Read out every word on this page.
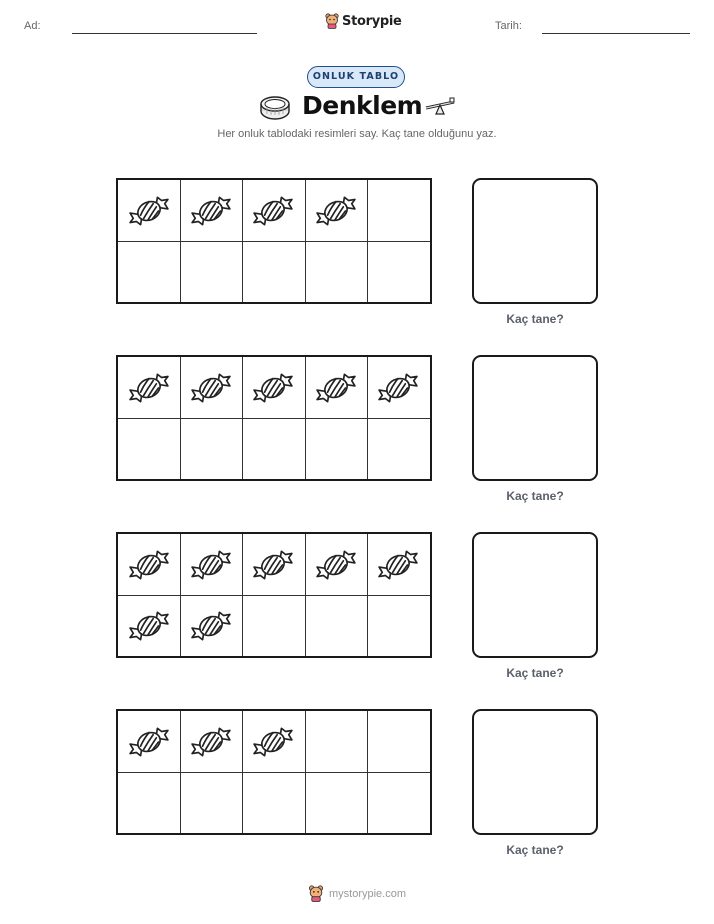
Ad:	Storypie	Tarih:
ONLUK TABLO
Denklem
Her onluk tablodaki resimleri say. Kaç tane olduğunu yaz.
Kaç tane?
Kaç tane?
Kaç tane?
Kaç tane?
mystorypie.com
